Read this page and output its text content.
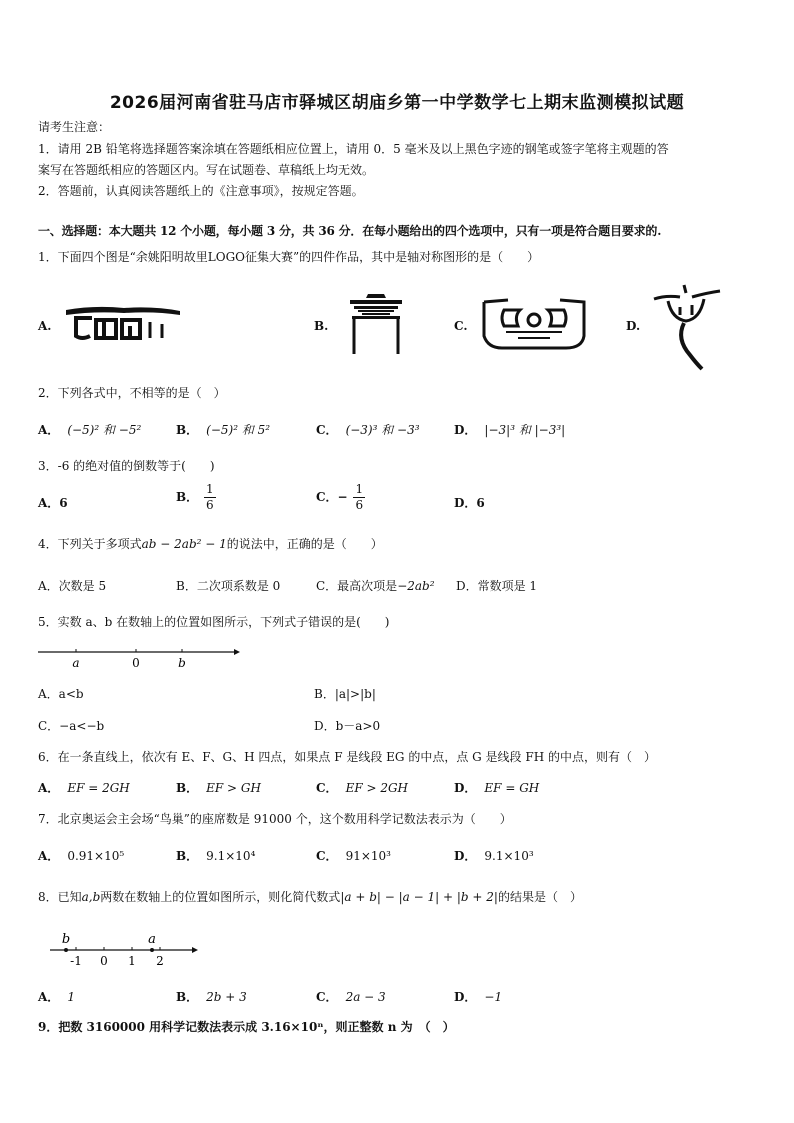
2026届河南省驻马店市驿城区胡庙乡第一中学数学七上期末监测模拟试题
请考生注意：
1．请用 2B 铅笔将选择题答案涂填在答题纸相应位置上，请用 0．5 毫米及以上黑色字迹的钢笔或签字笔将主观题的答
案写在答题纸相应的答题区内。写在试题卷、草稿纸上均无效。
2．答题前，认真阅读答题纸上的《注意事项》，按规定答题。
一、选择题：本大题共 12 个小题，每小题 3 分，共 36 分．在每小题给出的四个选项中，只有一项是符合题目要求的.
1．下面四个图是“余姚阳明故里LOGO征集大赛”的四件作品，其中是轴对称图形的是（　　）
A.	B.	C.	D.
2．下列各式中，不相等的是（　）
A． (−5)² 和 −5²	B． (−5)² 和 5²	C． (−3)³ 和 −3³	D． |−3|³ 和 |−3³|
3．-6 的绝对值的倒数等于(　　)
A．6	B． $\frac{1}{6}$	C．− $\frac{1}{6}$	D．6
4．下列关于多项式ab − 2ab² − 1的说法中，正确的是（　　）
A．次数是 5	B．二次项系数是 0	C．最高次项是−2ab² D．常数项是 1
5．实数 a、b 在数轴上的位置如图所示，下列式子错误的是(　　)
a	0	b
A．a<b	B．|a|>|b|
C．−a<−b	D．b－a>0
6．在一条直线上，依次有 E、F、G、H 四点，如果点 F 是线段 EG 的中点，点 G 是线段 FH 的中点，则有（　）
A． EF = 2GH	B． EF > GH	C． EF > 2GH	D． EF = GH
7．北京奥运会主会场“鸟巢”的座席数是 91000 个，这个数用科学记数法表示为（　　）
A． 0.91×10⁵	B． 9.1×10⁴	C． 91×10³	D． 9.1×10³
8．已知a,b两数在数轴上的位置如图所示，则化简代数式|a + b| − |a − 1| + |b + 2|的结果是（　）
b	a
-1 0 1 2
A． 1	B． 2b + 3	C． 2a − 3	D． −1
9．把数 3160000 用科学记数法表示成 3.16×10ⁿ，则正整数 n 为　（　）
